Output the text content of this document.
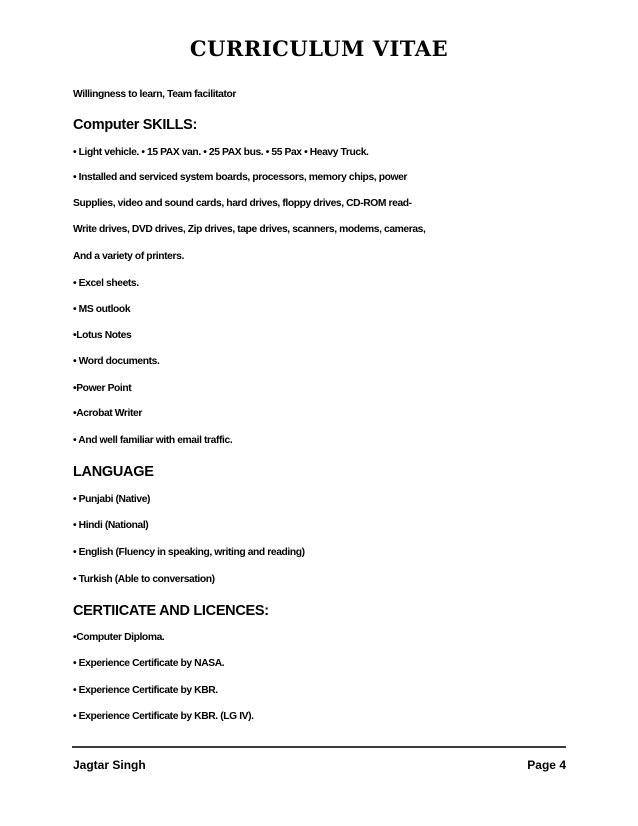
CURRICULUM VITAE
Willingness to learn, Team facilitator
Computer SKILLS:
• Light vehicle. • 15 PAX van. • 25 PAX bus. • 55 Pax • Heavy Truck.
• Installed and serviced system boards, processors, memory chips, power
Supplies, video and sound cards, hard drives, floppy drives, CD-ROM read-
Write drives, DVD drives, Zip drives, tape drives, scanners, modems, cameras,
And a variety of printers.
• Excel sheets.
• MS outlook
•Lotus Notes
• Word documents.
•Power Point
•Acrobat Writer
• And well familiar with email traffic.
LANGUAGE
• Punjabi (Native)
• Hindi (National)
• English (Fluency in speaking, writing and reading)
• Turkish (Able to conversation)
CERTIICATE AND LICENCES:
•Computer Diploma.
• Experience Certificate by NASA.
• Experience Certificate by KBR.
• Experience Certificate by KBR. (LG IV).
Jagtar Singh	Page 4
